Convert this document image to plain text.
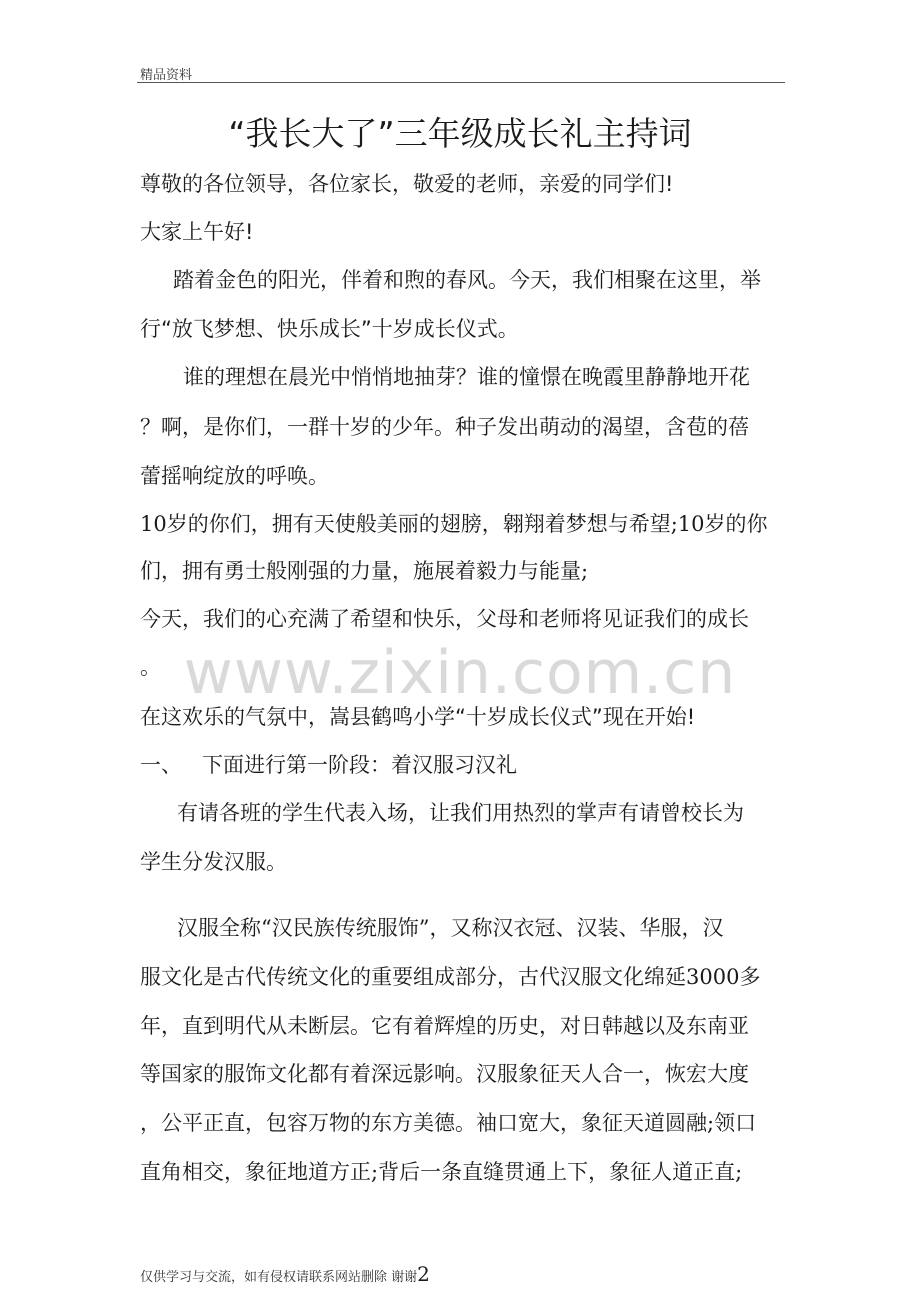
精品资料
“我长大了”三年级成长礼主持词
尊敬的各位领导，各位家长，敬爱的老师，亲爱的同学们!
大家上午好!
踏着金色的阳光，伴着和煦的春风。今天，我们相聚在这里，举
行“放飞梦想、快乐成长”十岁成长仪式。
谁的理想在晨光中悄悄地抽芽？谁的憧憬在晚霞里静静地开花
？啊，是你们，一群十岁的少年。种子发出萌动的渴望，含苞的蓓
蕾摇响绽放的呼唤。
10岁的你们，拥有天使般美丽的翅膀，翱翔着梦想与希望;10岁的你
们，拥有勇士般刚强的力量，施展着毅力与能量;
今天，我们的心充满了希望和快乐，父母和老师将见证我们的成长
。
在这欢乐的气氛中，嵩县鹤鸣小学“十岁成长仪式”现在开始!
一、   下面进行第一阶段：着汉服习汉礼
有请各班的学生代表入场，让我们用热烈的掌声有请曾校长为
学生分发汉服。
汉服全称“汉民族传统服饰”，又称汉衣冠、汉装、华服，汉
服文化是古代传统文化的重要组成部分，古代汉服文化绵延3000多
年，直到明代从未断层。它有着辉煌的历史，对日韩越以及东南亚
等国家的服饰文化都有着深远影响。汉服象征天人合一，恢宏大度
，公平正直，包容万物的东方美德。袖口宽大，象征天道圆融;领口
直角相交，象征地道方正;背后一条直缝贯通上下，象征人道正直;
www.zixin.com.cn
仅供学习与交流，如有侵权请联系网站删除 谢谢2
